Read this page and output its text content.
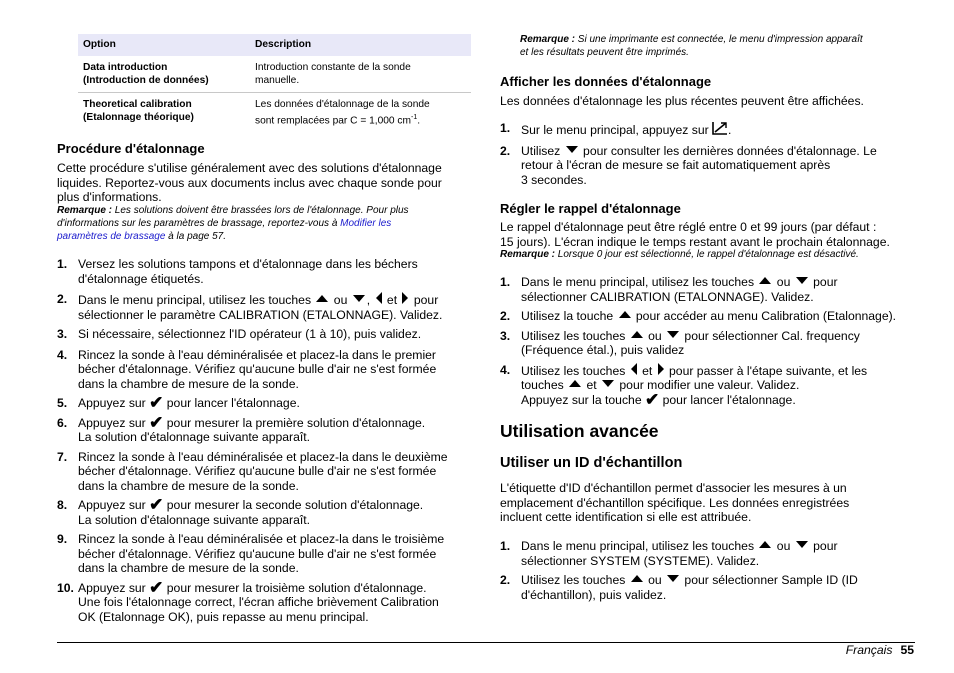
Option	Description
Data introduction
(Introduction de données)	Introduction constante de la sonde
manuelle.
Theoretical calibration
(Etalonnage théorique)	Les données d'étalonnage de la sonde
sont remplacées par C = 1,000 $cm^{-1}$.
Procédure d'étalonnage
Cette procédure s'utilise généralement avec des solutions d'étalonnage
liquides. Reportez-vous aux documents inclus avec chaque sonde pour
plus d'informations.
Remarque : Les solutions doivent être brassées lors de l'étalonnage. Pour plus
d'informations sur les paramètres de brassage, reportez-vous à Modifier les
paramètres de brassage à la page 57.
1. Versez les solutions tampons et d'étalonnage dans les béchers
d'étalonnage étiquetés.
2. Dans le menu principal, utilisez les touches  ou ,  et  pour
sélectionner le paramètre CALIBRATION (ETALONNAGE). Validez.
3. Si nécessaire, sélectionnez l'ID opérateur (1 à 10), puis validez.
4. Rincez la sonde à l'eau déminéralisée et placez-la dans le premier
bécher d'étalonnage. Vérifiez qu'aucune bulle d'air ne s'est formée
dans la chambre de mesure de la sonde.
5. Appuyez sur ✔ pour lancer l'étalonnage.
6. Appuyez sur ✔ pour mesurer la première solution d'étalonnage.
La solution d'étalonnage suivante apparaît.
7. Rincez la sonde à l'eau déminéralisée et placez-la dans le deuxième
bécher d'étalonnage. Vérifiez qu'aucune bulle d'air ne s'est formée
dans la chambre de mesure de la sonde.
8. Appuyez sur ✔ pour mesurer la seconde solution d'étalonnage.
La solution d'étalonnage suivante apparaît.
9. Rincez la sonde à l'eau déminéralisée et placez-la dans le troisième
bécher d'étalonnage. Vérifiez qu'aucune bulle d'air ne s'est formée
dans la chambre de mesure de la sonde.
10. Appuyez sur ✔ pour mesurer la troisième solution d'étalonnage.
Une fois l'étalonnage correct, l'écran affiche brièvement Calibration
OK (Etalonnage OK), puis repasse au menu principal.
Remarque : Si une imprimante est connectée, le menu d'impression apparaît
et les résultats peuvent être imprimés.
Afficher les données d'étalonnage
Les données d'étalonnage les plus récentes peuvent être affichées.
1. Sur le menu principal, appuyez sur .
2. Utilisez  pour consulter les dernières données d'étalonnage. Le
retour à l'écran de mesure se fait automatiquement après
3 secondes.
Régler le rappel d'étalonnage
Le rappel d'étalonnage peut être réglé entre 0 et 99 jours (par défaut :
15 jours). L'écran indique le temps restant avant le prochain étalonnage.
Remarque : Lorsque 0 jour est sélectionné, le rappel d'étalonnage est désactivé.
1. Dans le menu principal, utilisez les touches  ou  pour
sélectionner CALIBRATION (ETALONNAGE). Validez.
2. Utilisez la touche  pour accéder au menu Calibration (Etalonnage).
3. Utilisez les touches  ou  pour sélectionner Cal. frequency
(Fréquence étal.), puis validez
4. Utilisez les touches  et  pour passer à l'étape suivante, et les
touches  et  pour modifier une valeur. Validez.
Appuyez sur la touche ✔ pour lancer l'étalonnage.
Utilisation avancée
Utiliser un ID d'échantillon
L'étiquette d'ID d'échantillon permet d'associer les mesures à un
emplacement d'échantillon spécifique. Les données enregistrées
incluent cette identification si elle est attribuée.
1. Dans le menu principal, utilisez les touches  ou  pour
sélectionner SYSTEM (SYSTEME). Validez.
2. Utilisez les touches  ou  pour sélectionner Sample ID (ID
d'échantillon), puis validez.
Français 55
